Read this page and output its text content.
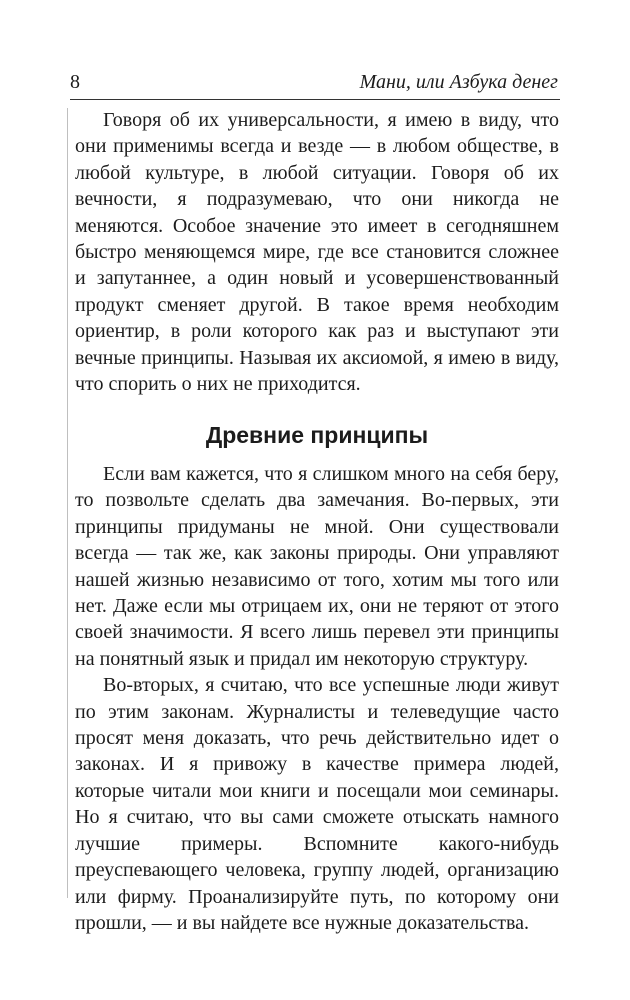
8	Мани, или Азбука денег

Говоря об их универсальности, я имею в виду, что они применимы всегда и везде — в любом обществе, в любой культуре, в любой ситуации. Говоря об их вечности, я подразумеваю, что они никогда не меняются. Особое значение это имеет в сегодняшнем быстро меняющемся мире, где все становится сложнее и запутаннее, а один новый и усовершенствованный продукт сменяет другой. В такое время необходим ориентир, в роли которого как раз и выступают эти вечные принципы. Называя их аксиомой, я имею в виду, что спорить о них не приходится.

Древние принципы

Если вам кажется, что я слишком много на себя беру, то позвольте сделать два замечания. Во-первых, эти принципы придуманы не мной. Они существовали всегда — так же, как законы природы. Они управляют нашей жизнью независимо от того, хотим мы того или нет. Даже если мы отрицаем их, они не теряют от этого своей значимости. Я всего лишь перевел эти принципы на понятный язык и придал им некоторую структуру.

Во-вторых, я считаю, что все успешные люди живут по этим законам. Журналисты и телеведущие часто просят меня доказать, что речь действительно идет о законах. И я привожу в качестве примера людей, которые читали мои книги и посещали мои семинары. Но я считаю, что вы сами сможете отыскать намного лучшие примеры. Вспомните какого-нибудь преуспевающего человека, группу людей, организацию или фирму. Проанализируйте путь, по которому они прошли, — и вы найдете все нужные доказательства.
